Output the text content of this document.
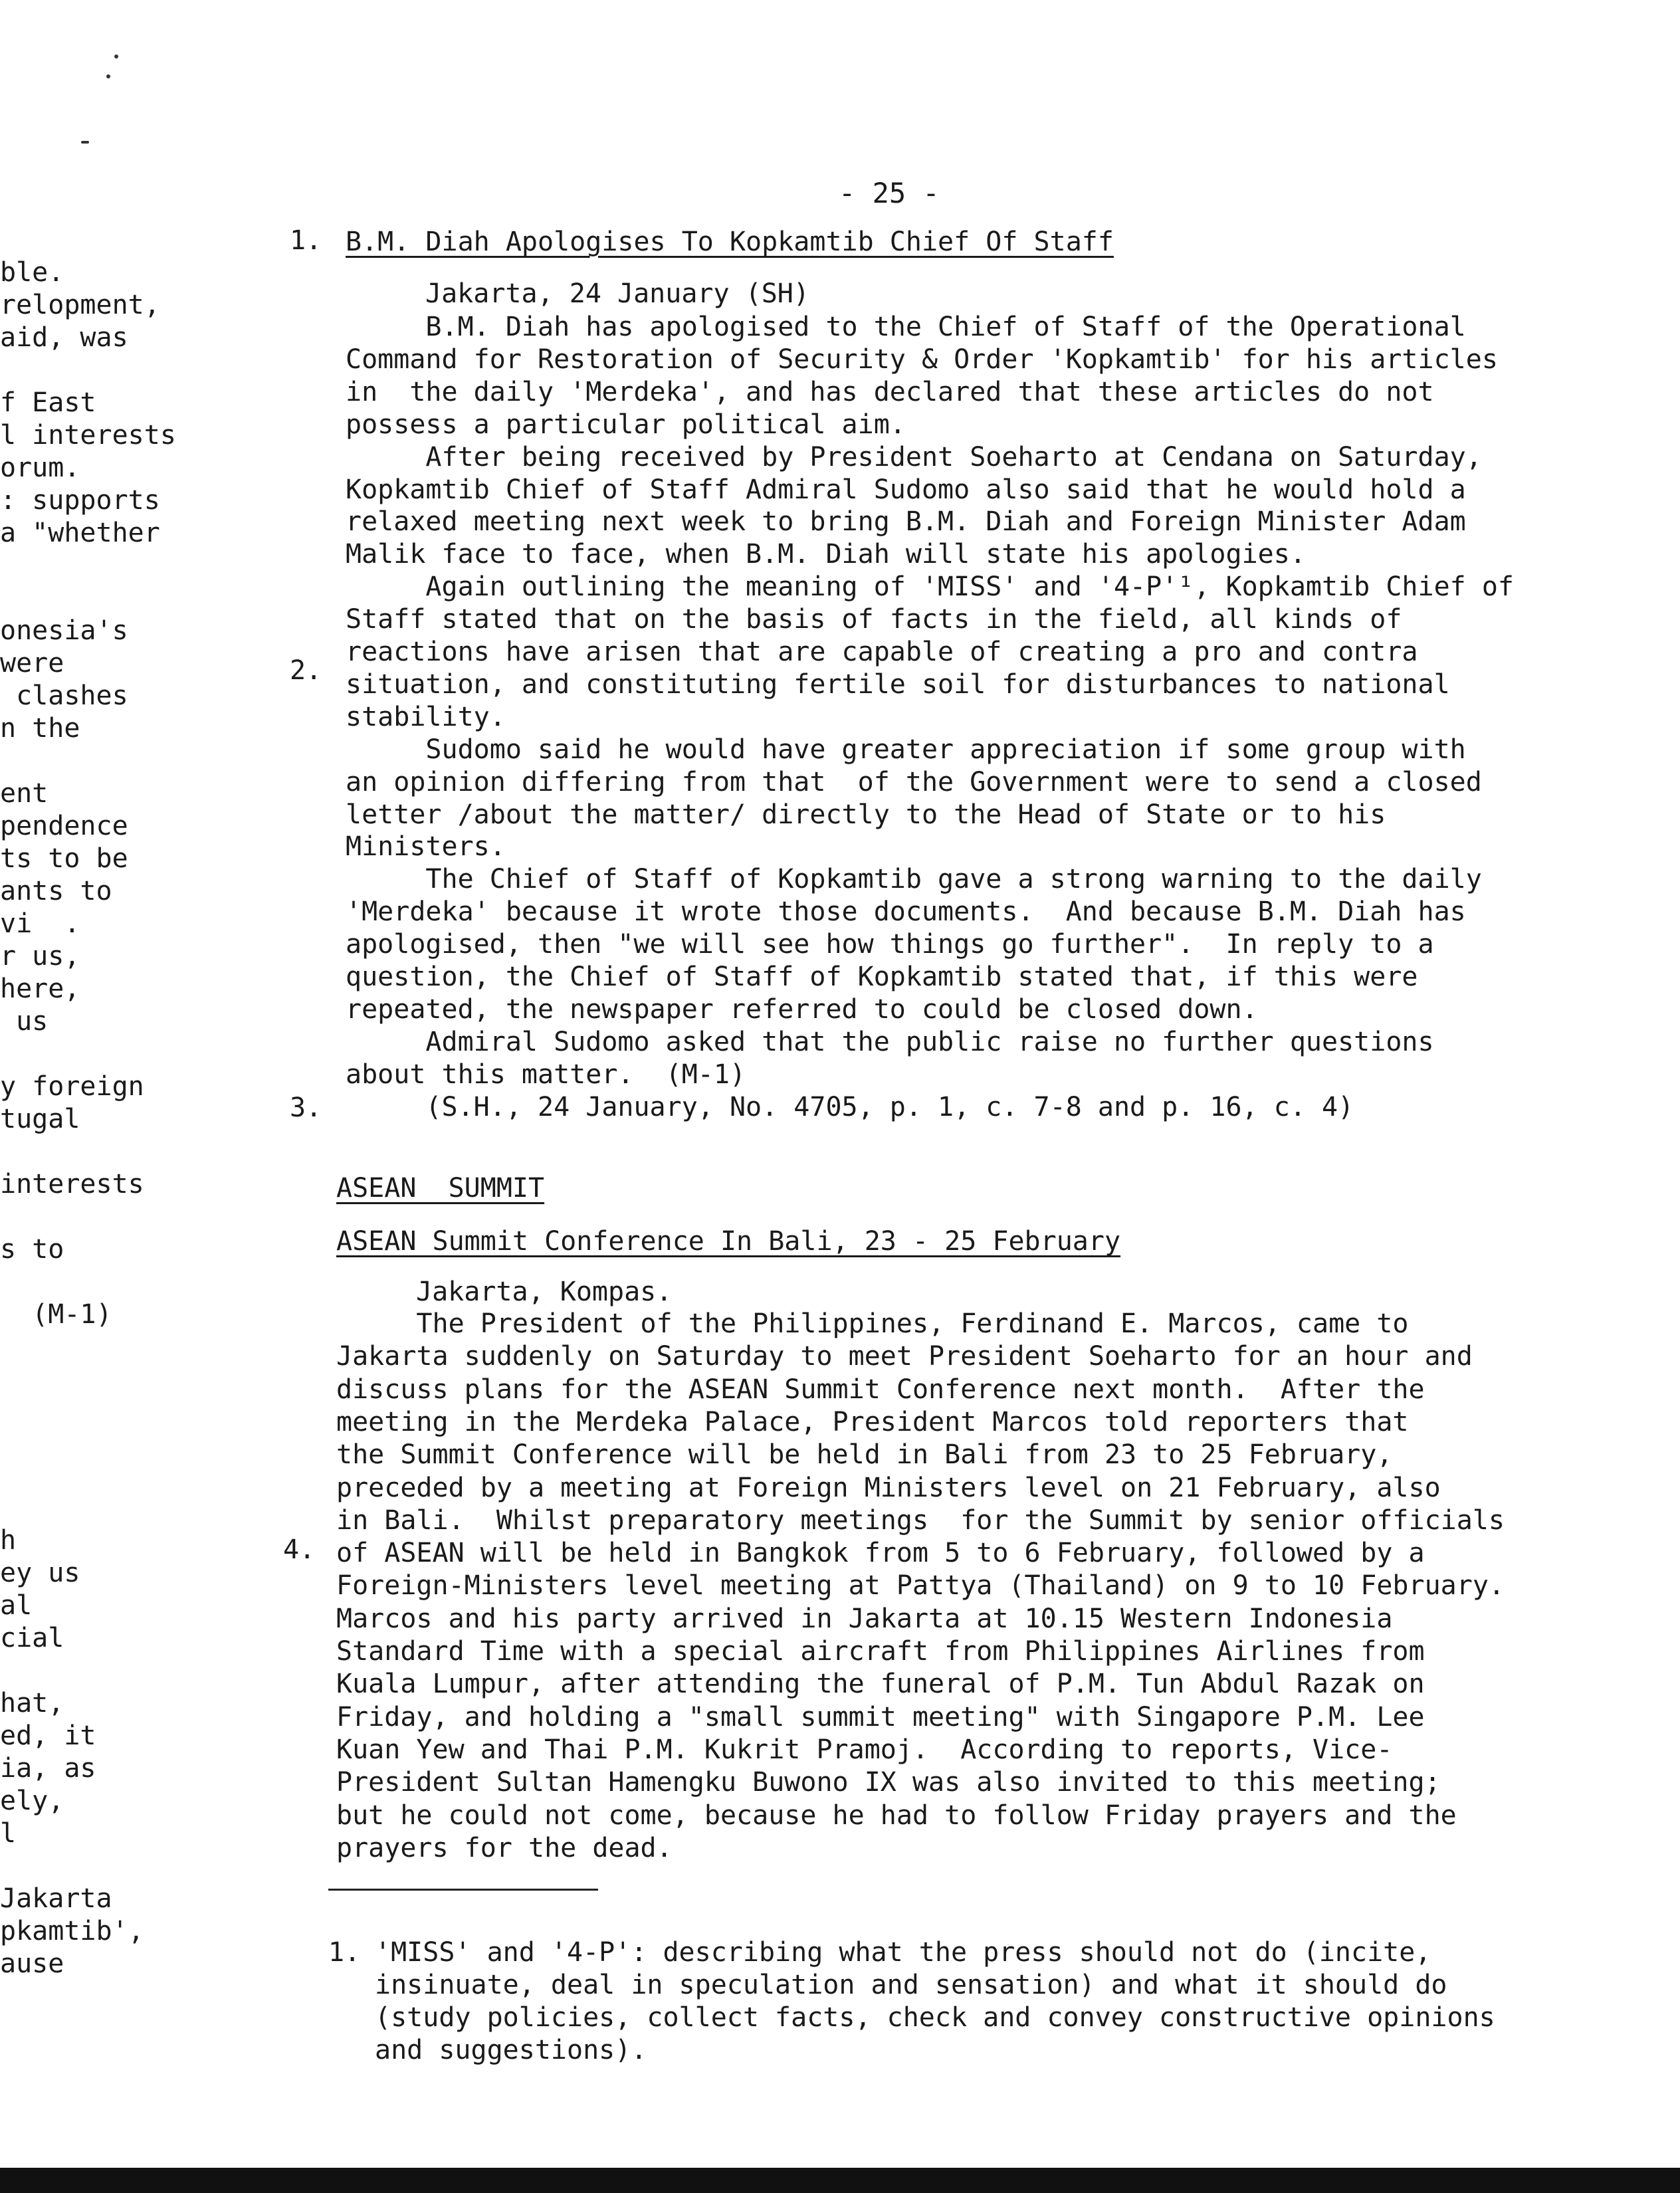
- 25 -
ble.
relopment,
aid, was
f East
l interests
orum.
: supports
a "whether
onesia's
were
clashes
n the
ent
pendence
ts to be
ants to
vi  .
r us,
here,
us
y foreign
tugal
interests
s to
(M-1)
h
ey us
al
cial
hat,
ed, it
ia, as
ely,
l
Jakarta
pkamtib',
ause
1.
2.
3.
4.
B.M. Diah Apologises To Kopkamtib Chief Of Staff
Jakarta, 24 January (SH)
B.M. Diah has apologised to the Chief of Staff of the Operational
Command for Restoration of Security & Order 'Kopkamtib' for his articles
in  the daily 'Merdeka', and has declared that these articles do not
possess a particular political aim.
After being received by President Soeharto at Cendana on Saturday,
Kopkamtib Chief of Staff Admiral Sudomo also said that he would hold a
relaxed meeting next week to bring B.M. Diah and Foreign Minister Adam
Malik face to face, when B.M. Diah will state his apologies.
Again outlining the meaning of 'MISS' and '4-P'¹, Kopkamtib Chief of
Staff stated that on the basis of facts in the field, all kinds of
reactions have arisen that are capable of creating a pro and contra
situation, and constituting fertile soil for disturbances to national
stability.
Sudomo said he would have greater appreciation if some group with
an opinion differing from that  of the Government were to send a closed
letter /about the matter/ directly to the Head of State or to his
Ministers.
The Chief of Staff of Kopkamtib gave a strong warning to the daily
'Merdeka' because it wrote those documents.  And because B.M. Diah has
apologised, then "we will see how things go further".  In reply to a
question, the Chief of Staff of Kopkamtib stated that, if this were
repeated, the newspaper referred to could be closed down.
Admiral Sudomo asked that the public raise no further questions
about this matter.  (M-1)
(S.H., 24 January, No. 4705, p. 1, c. 7-8 and p. 16, c. 4)
ASEAN  SUMMIT
ASEAN Summit Conference In Bali, 23 - 25 February
Jakarta, Kompas.
The President of the Philippines, Ferdinand E. Marcos, came to
Jakarta suddenly on Saturday to meet President Soeharto for an hour and
discuss plans for the ASEAN Summit Conference next month.  After the
meeting in the Merdeka Palace, President Marcos told reporters that
the Summit Conference will be held in Bali from 23 to 25 February,
preceded by a meeting at Foreign Ministers level on 21 February, also
in Bali.  Whilst preparatory meetings  for the Summit by senior officials
of ASEAN will be held in Bangkok from 5 to 6 February, followed by a
Foreign-Ministers level meeting at Pattya (Thailand) on 9 to 10 February.
Marcos and his party arrived in Jakarta at 10.15 Western Indonesia
Standard Time with a special aircraft from Philippines Airlines from
Kuala Lumpur, after attending the funeral of P.M. Tun Abdul Razak on
Friday, and holding a "small summit meeting" with Singapore P.M. Lee
Kuan Yew and Thai P.M. Kukrit Pramoj.  According to reports, Vice-
President Sultan Hamengku Buwono IX was also invited to this meeting;
but he could not come, because he had to follow Friday prayers and the
prayers for the dead.
1. 'MISS' and '4-P': describing what the press should not do (incite,
insinuate, deal in speculation and sensation) and what it should do
(study policies, collect facts, check and convey constructive opinions
and suggestions).
